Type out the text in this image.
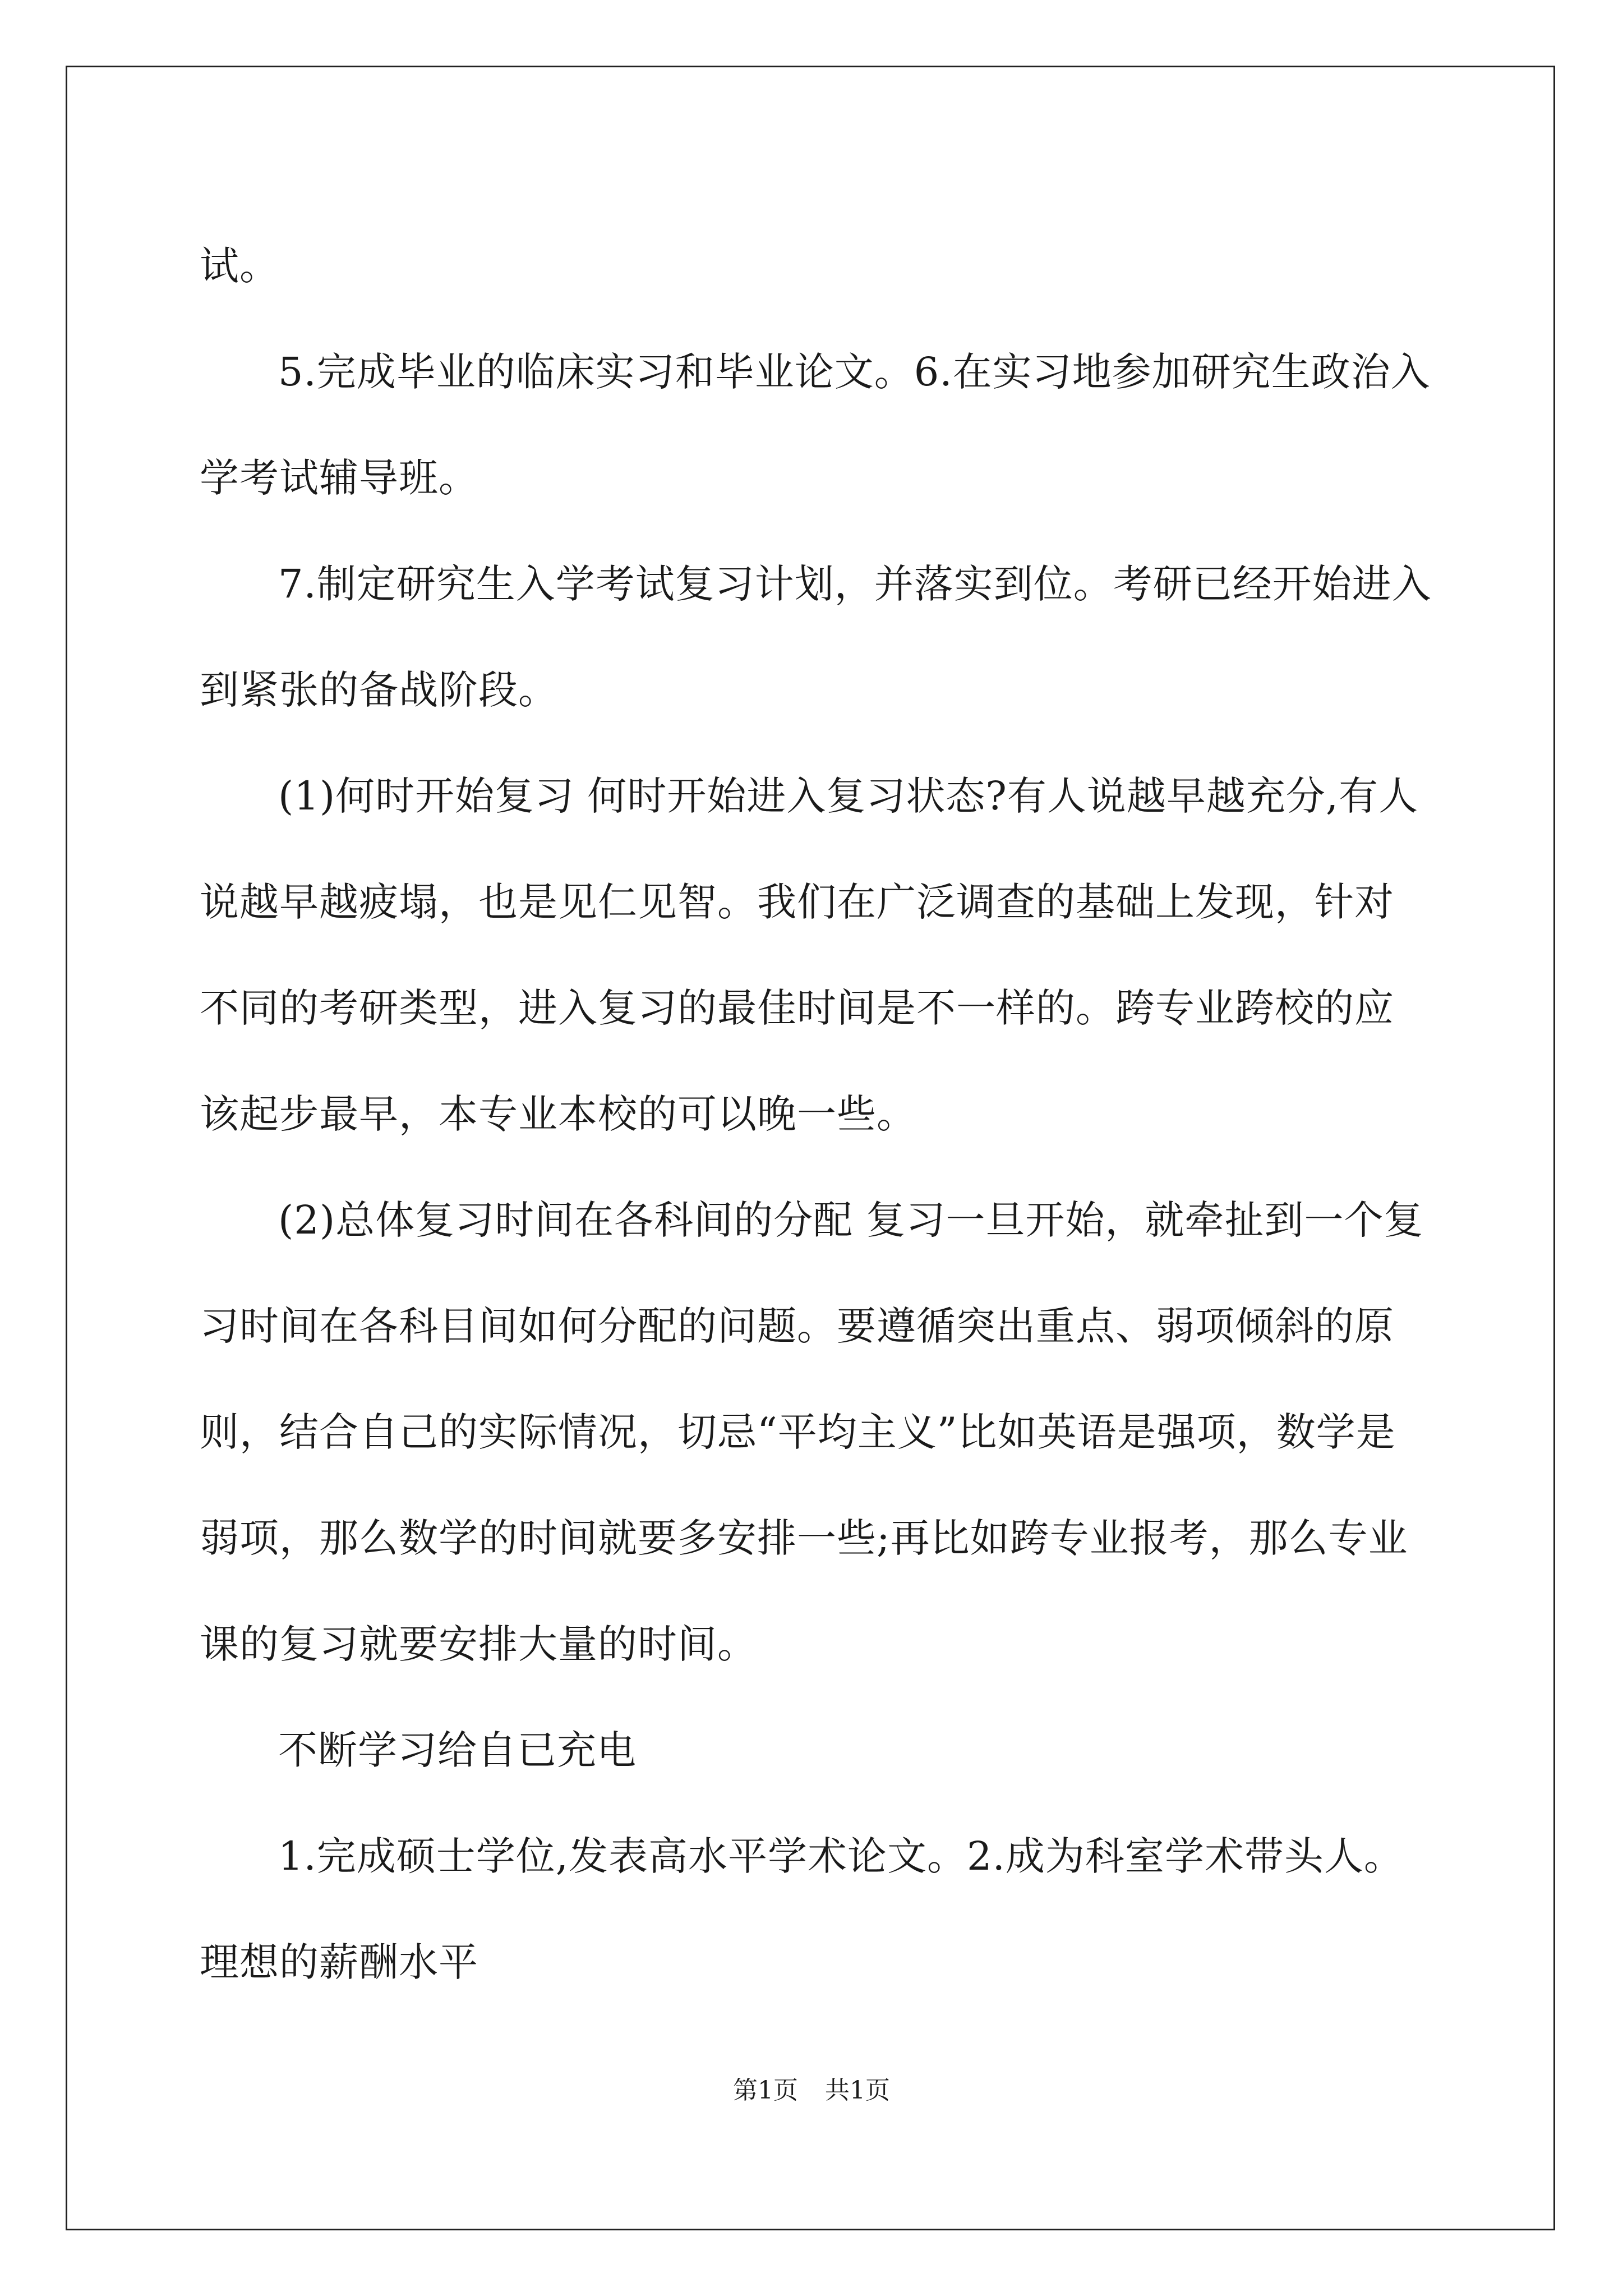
试。

5.完成毕业的临床实习和毕业论文。6.在实习地参加研究生政治入学考试辅导班。

7.制定研究生入学考试复习计划，并落实到位。考研已经开始进入到紧张的备战阶段。

(1)何时开始复习 何时开始进入复习状态?有人说越早越充分,有人说越早越疲塌，也是见仁见智。我们在广泛调查的基础上发现，针对不同的考研类型，进入复习的最佳时间是不一样的。跨专业跨校的应该起步最早，本专业本校的可以晚一些。

(2)总体复习时间在各科间的分配 复习一旦开始，就牵扯到一个复习时间在各科目间如何分配的问题。要遵循突出重点、弱项倾斜的原则，结合自己的实际情况，切忌“平均主义”比如英语是强项，数学是弱项，那么数学的时间就要多安排一些;再比如跨专业报考，那么专业课的复习就要安排大量的时间。

不断学习给自已充电

1.完成硕士学位,发表高水平学术论文。2.成为科室学术带头人。理想的薪酬水平

第1页 共1页
